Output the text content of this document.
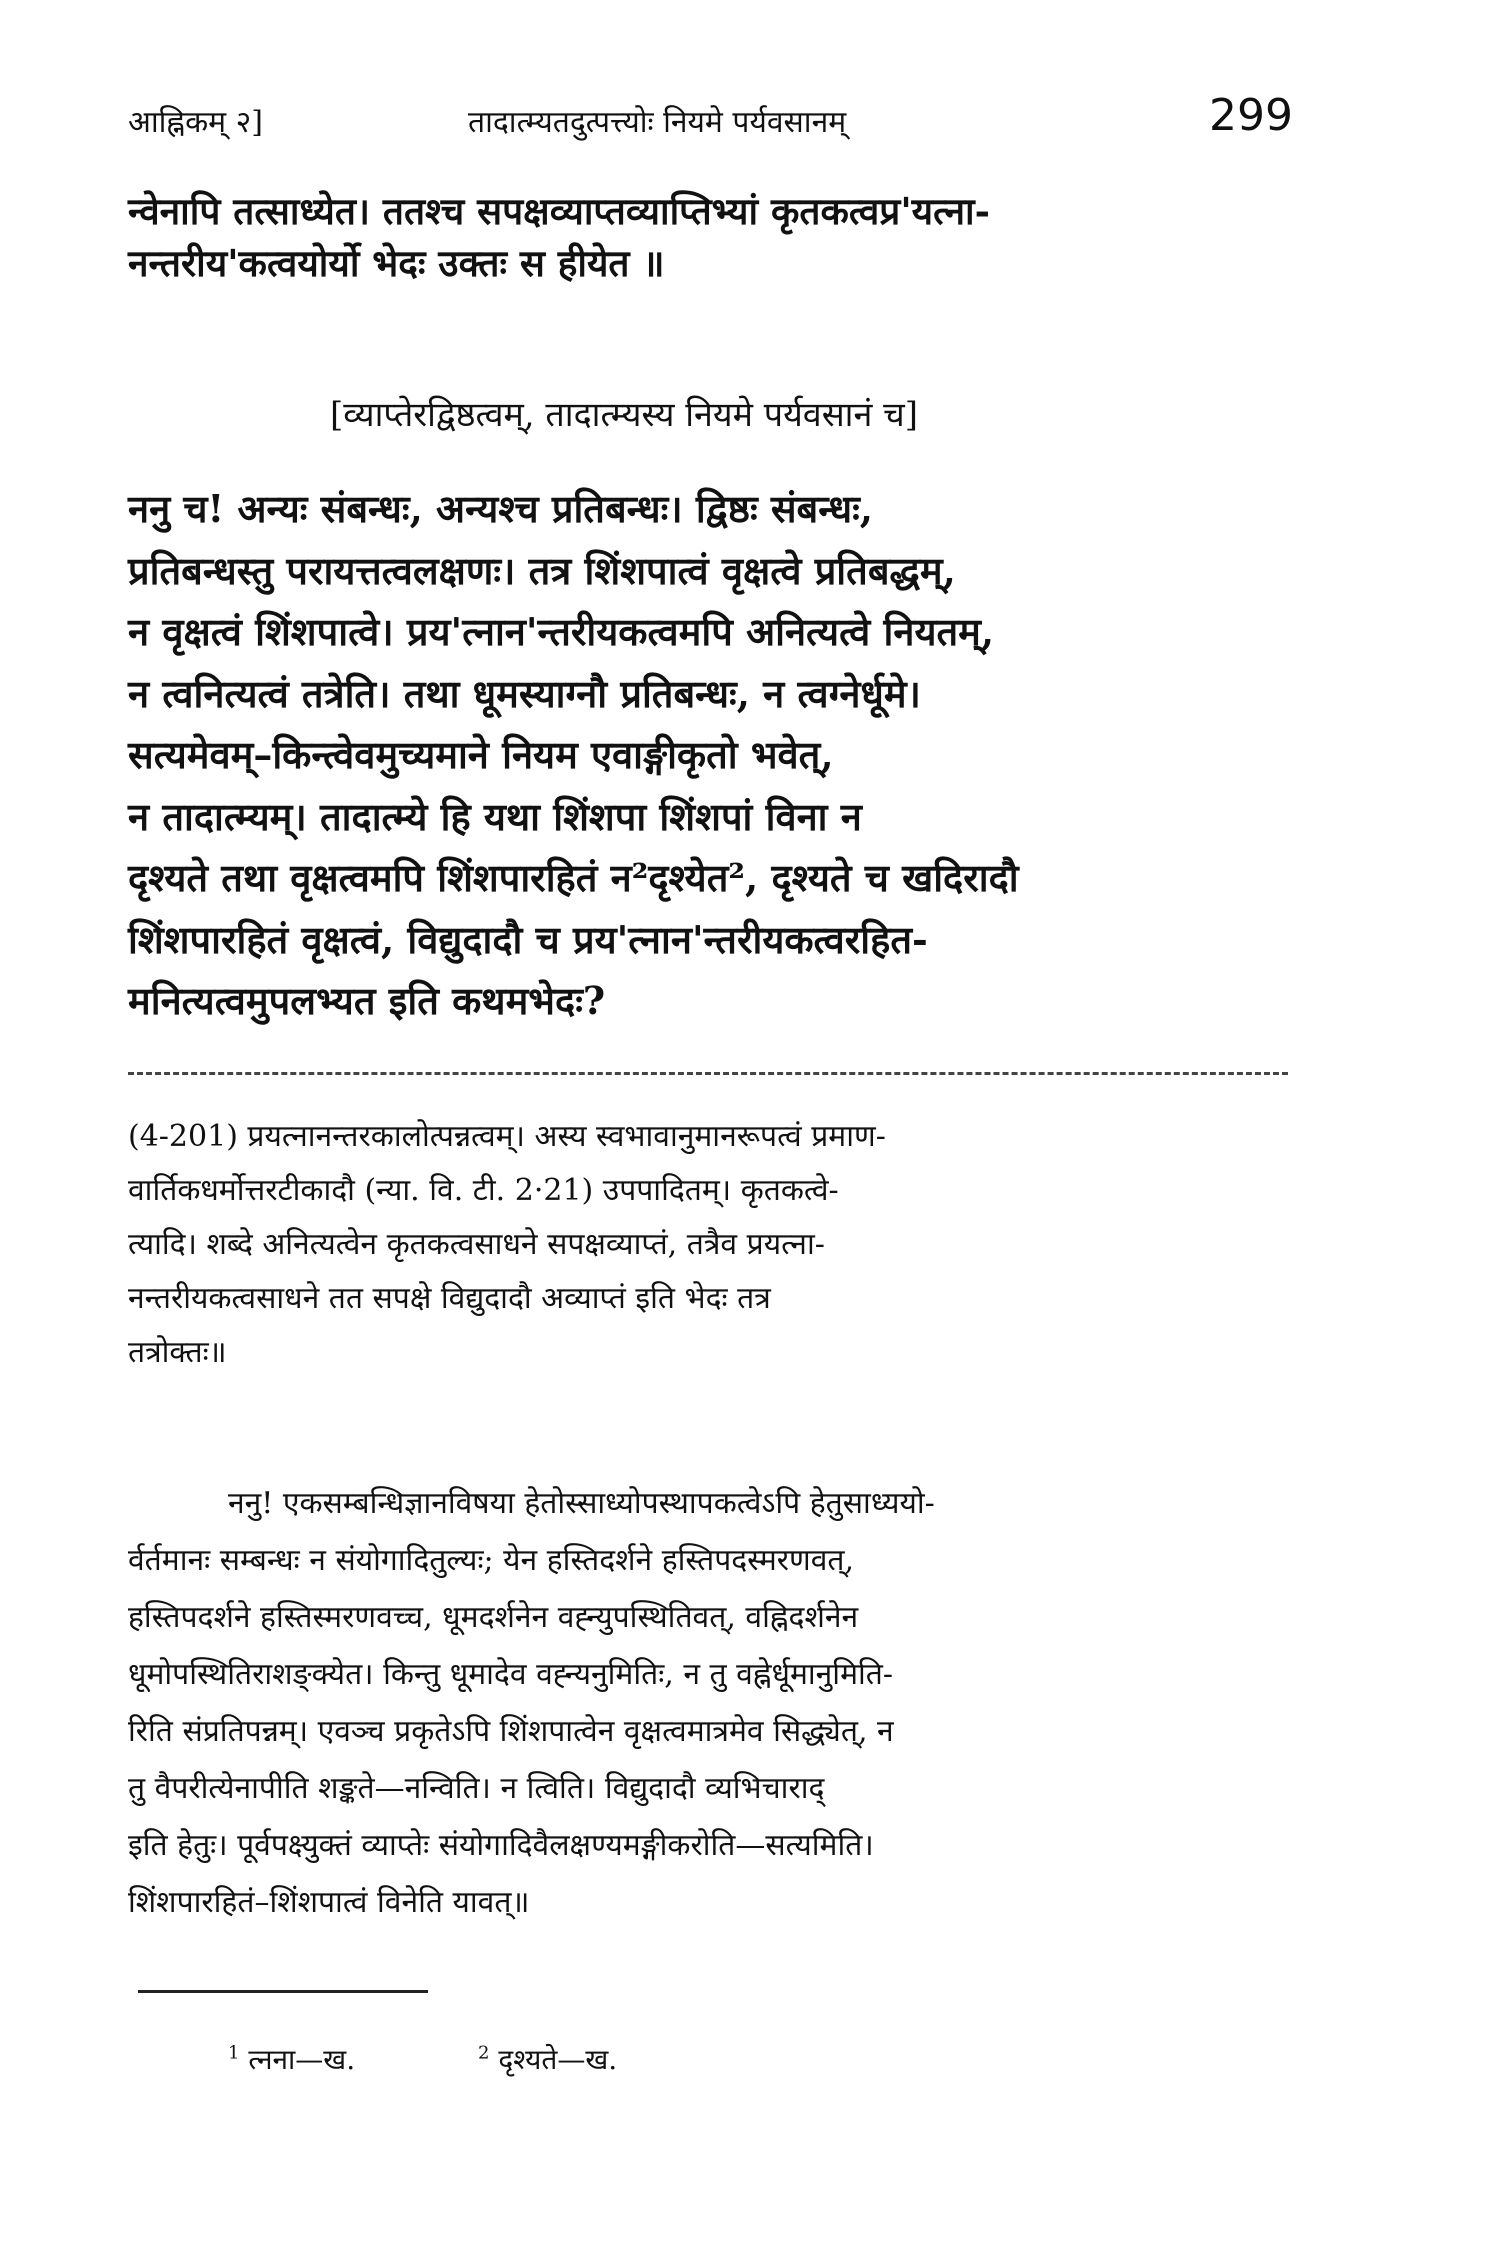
आह्निकम् २]	तादात्म्यतदुत्पत्त्योः नियमे पर्यवसानम्	299
न्वेनापि तत्साध्येत। ततश्च सपक्षव्याप्तव्याप्तिभ्यां कृतकत्वप्र'यत्ना-
नन्तरीय'कत्वयोर्यो भेदः उक्तः स हीयेत ॥
[व्याप्तेरद्विष्ठत्वम्, तादात्म्यस्य नियमे पर्यवसानं च]
ननु च! अन्यः संबन्धः, अन्यश्च प्रतिबन्धः। द्विष्ठः संबन्धः,
प्रतिबन्धस्तु परायत्तत्वलक्षणः। तत्र शिंशपात्वं वृक्षत्वे प्रतिबद्धम्,
न वृक्षत्वं शिंशपात्वे। प्रय'त्नान'न्तरीयकत्वमपि अनित्यत्वे नियतम्,
न त्वनित्यत्वं तत्रेति। तथा धूमस्याग्नौ प्रतिबन्धः, न त्वग्नेर्धूमे।
सत्यमेवम्–किन्त्वेवमुच्यमाने नियम एवाङ्गीकृतो भवेत्,
न तादात्म्यम्। तादात्म्ये हि यथा शिंशपा शिंशपां विना न
दृश्यते तथा वृक्षत्वमपि शिंशपारहितं न²दृश्येत², दृश्यते च खदिरादौ
शिंशपारहितं वृक्षत्वं, विद्युदादौ च प्रय'त्नान'न्तरीयकत्वरहित-
मनित्यत्वमुपलभ्यत इति कथमभेदः?
(4-201) प्रयत्नानन्तरकालोत्पन्नत्वम्। अस्य स्वभावानुमानरूपत्वं प्रमाण-
वार्तिकधर्मोत्तरटीकादौ (न्या. वि. टी. 2·21) उपपादितम्। कृतकत्वे-
त्यादि। शब्दे अनित्यत्वेन कृतकत्वसाधने सपक्षव्याप्तं, तत्रैव प्रयत्ना-
नन्तरीयकत्वसाधने तत सपक्षे विद्युदादौ अव्याप्तं इति भेदः तत्र
तत्रोक्तः॥
ननु! एकसम्बन्धिज्ञानविषया हेतोस्साध्योपस्थापकत्वेऽपि हेतुसाध्ययो-
र्वर्तमानः सम्बन्धः न संयोगादितुल्यः; येन हस्तिदर्शने हस्तिपदस्मरणवत्,
हस्तिपदर्शने हस्तिस्मरणवच्च, धूमदर्शनेन वह्न्युपस्थितिवत्, वह्निदर्शनेन
धूमोपस्थितिराशङ्क्येत। किन्तु धूमादेव वह्न्यनुमितिः, न तु वह्नेर्धूमानुमिति-
रिति संप्रतिपन्नम्। एवञ्च प्रकृतेऽपि शिंशपात्वेन वृक्षत्वमात्रमेव सिद्ध्येत्, न
तु वैपरीत्येनापीति शङ्कते—नन्विति। न त्विति। विद्युदादौ व्यभिचाराद्
इति हेतुः। पूर्वपक्ष्युक्तं व्याप्तेः संयोगादिवैलक्षण्यमङ्गीकरोति—सत्यमिति।
शिंशपारहितं–शिंशपात्वं विनेति यावत्॥
$^1$ त्नना—ख.	$^2$ दृश्यते—ख.
